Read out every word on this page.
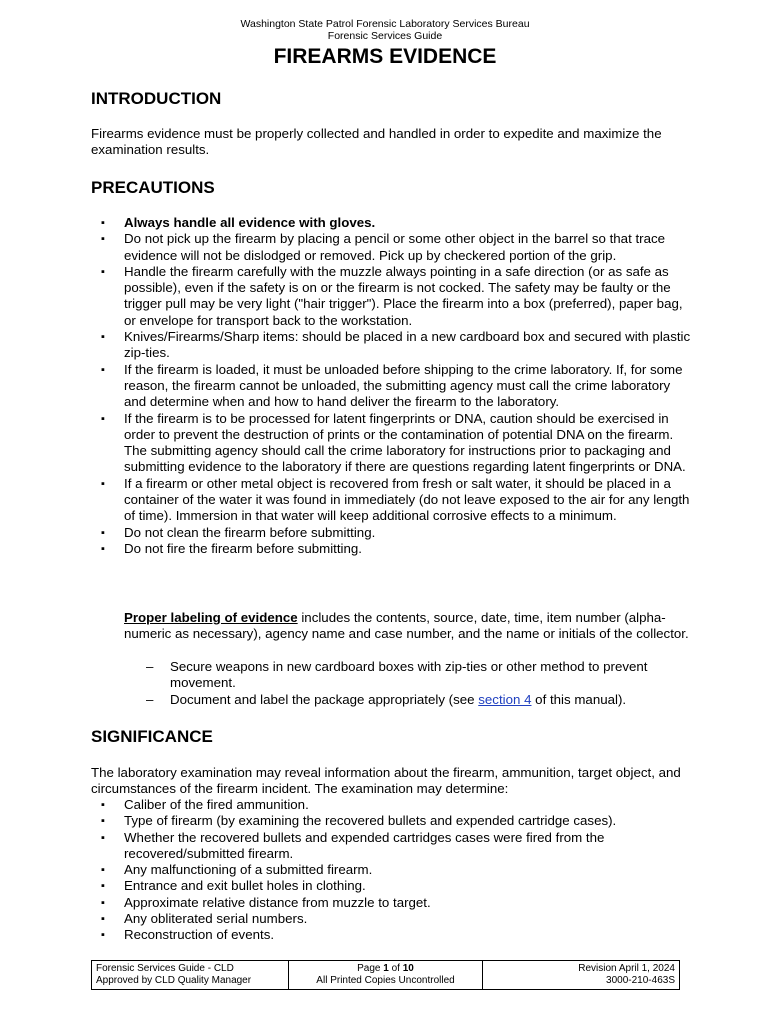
Washington State Patrol Forensic Laboratory Services Bureau
Forensic Services Guide
FIREARMS EVIDENCE
INTRODUCTION
Firearms evidence must be properly collected and handled in order to expedite and maximize the examination results.
PRECAUTIONS
▪ Always handle all evidence with gloves.
▪ Do not pick up the firearm by placing a pencil or some other object in the barrel so that trace evidence will not be dislodged or removed. Pick up by checkered portion of the grip.
▪ Handle the firearm carefully with the muzzle always pointing in a safe direction (or as safe as possible), even if the safety is on or the firearm is not cocked. The safety may be faulty or the trigger pull may be very light ("hair trigger"). Place the firearm into a box (preferred), paper bag, or envelope for transport back to the workstation.
▪ Knives/Firearms/Sharp items: should be placed in a new cardboard box and secured with plastic zip-ties.
▪ If the firearm is loaded, it must be unloaded before shipping to the crime laboratory. If, for some reason, the firearm cannot be unloaded, the submitting agency must call the crime laboratory and determine when and how to hand deliver the firearm to the laboratory.
▪ If the firearm is to be processed for latent fingerprints or DNA, caution should be exercised in order to prevent the destruction of prints or the contamination of potential DNA on the firearm. The submitting agency should call the crime laboratory for instructions prior to packaging and submitting evidence to the laboratory if there are questions regarding latent fingerprints or DNA.
▪ If a firearm or other metal object is recovered from fresh or salt water, it should be placed in a container of the water it was found in immediately (do not leave exposed to the air for any length of time). Immersion in that water will keep additional corrosive effects to a minimum.
▪ Do not clean the firearm before submitting.
▪ Do not fire the firearm before submitting.
Proper labeling of evidence includes the contents, source, date, time, item number (alpha-numeric as necessary), agency name and case number, and the name or initials of the collector.
– Secure weapons in new cardboard boxes with zip-ties or other method to prevent movement.
– Document and label the package appropriately (see section 4 of this manual).
SIGNIFICANCE
The laboratory examination may reveal information about the firearm, ammunition, target object, and circumstances of the firearm incident. The examination may determine:
▪ Caliber of the fired ammunition.
▪ Type of firearm (by examining the recovered bullets and expended cartridge cases).
▪ Whether the recovered bullets and expended cartridges cases were fired from the recovered/submitted firearm.
▪ Any malfunctioning of a submitted firearm.
▪ Entrance and exit bullet holes in clothing.
▪ Approximate relative distance from muzzle to target.
▪ Any obliterated serial numbers.
▪ Reconstruction of events.
Forensic Services Guide - CLD
Approved by CLD Quality Manager

Page 1 of 10
All Printed Copies Uncontrolled

Revision April 1, 2024
3000-210-463S
